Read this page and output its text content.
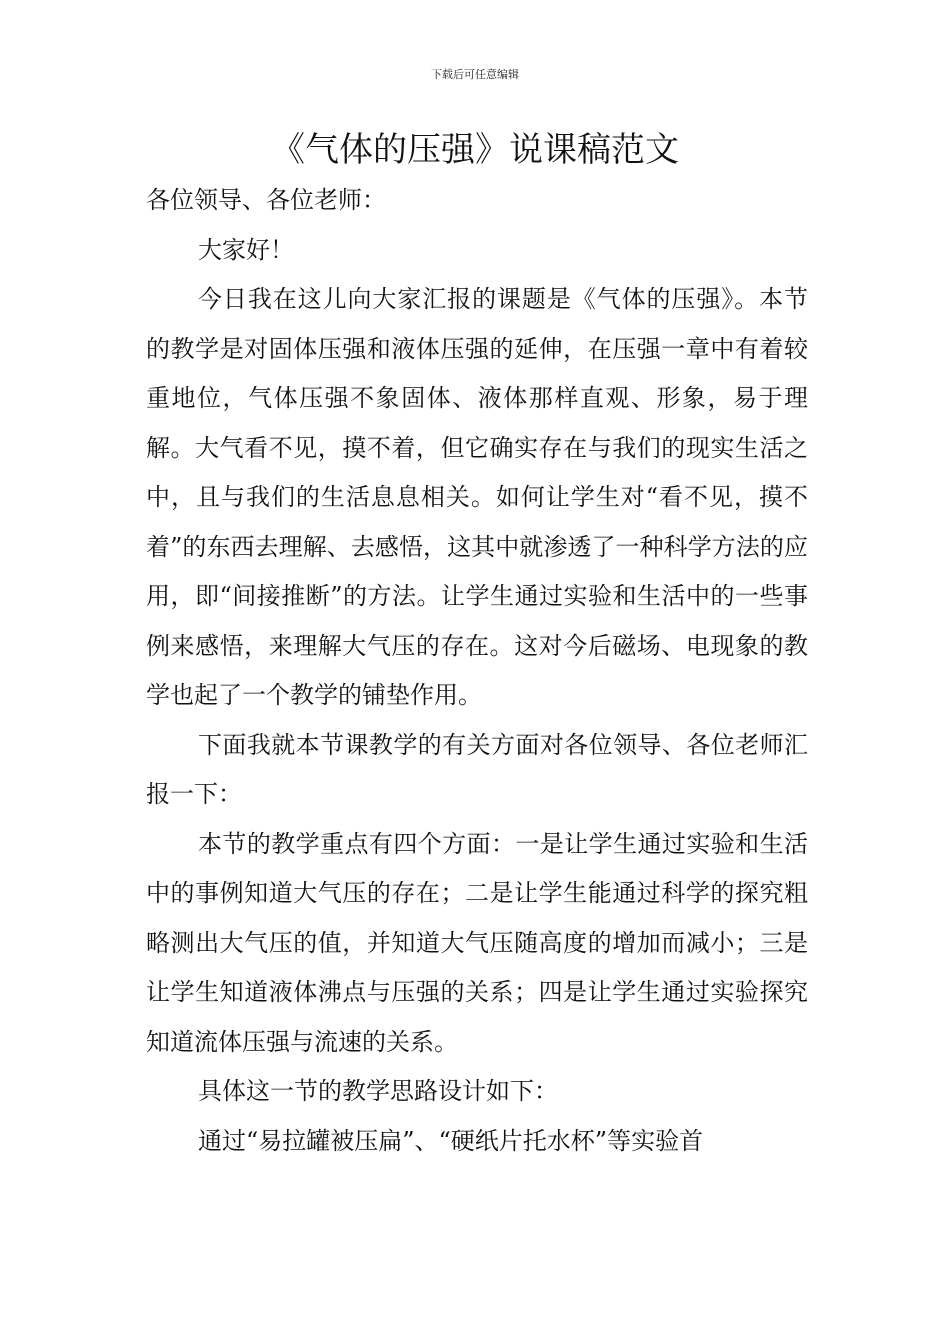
下载后可任意编辑
《气体的压强》说课稿范文

各位领导、各位老师：

大家好！

今日我在这儿向大家汇报的课题是《气体的压强》。本节的教学是对固体压强和液体压强的延伸，在压强一章中有着较重地位，气体压强不象固体、液体那样直观、形象，易于理解。大气看不见，摸不着，但它确实存在与我们的现实生活之中，且与我们的生活息息相关。如何让学生对“看不见，摸不着”的东西去理解、去感悟，这其中就渗透了一种科学方法的应用，即“间接推断”的方法。让学生通过实验和生活中的一些事例来感悟，来理解大气压的存在。这对今后磁场、电现象的教学也起了一个教学的铺垫作用。

下面我就本节课教学的有关方面对各位领导、各位老师汇报一下：

本节的教学重点有四个方面：一是让学生通过实验和生活中的事例知道大气压的存在；二是让学生能通过科学的探究粗略测出大气压的值，并知道大气压随高度的增加而减小；三是让学生知道液体沸点与压强的关系；四是让学生通过实验探究知道流体压强与流速的关系。

具体这一节的教学思路设计如下：

通过“易拉罐被压扁”、“硬纸片托水杯”等实验首
